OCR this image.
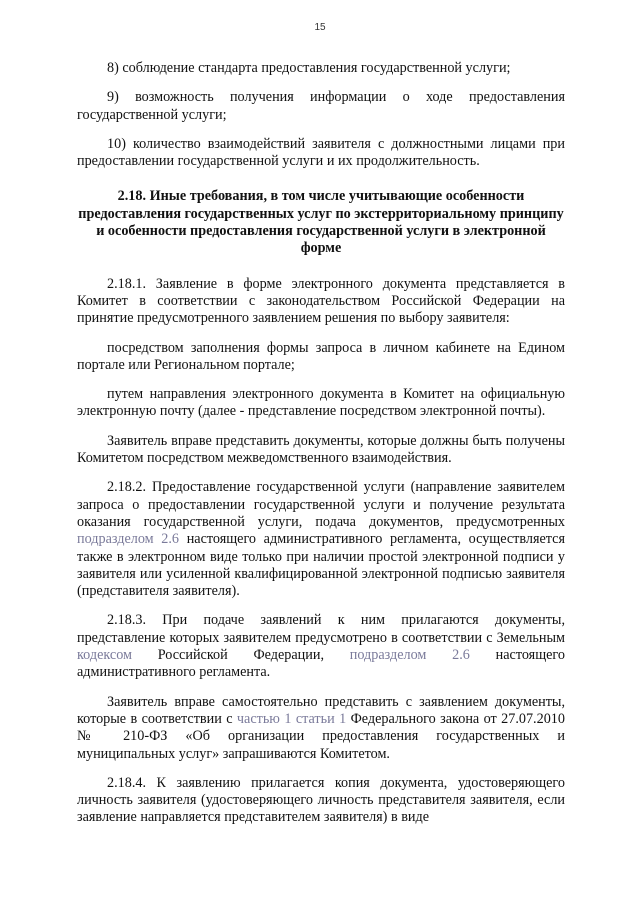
15

8) соблюдение стандарта предоставления государственной услуги;

9) возможность получения информации о ходе предоставления государственной услуги;

10) количество взаимодействий заявителя с должностными лицами при предоставлении государственной услуги и их продолжительность.

2.18. Иные требования, в том числе учитывающие особенности предоставления государственных услуг по экстерриториальному принципу и особенности предоставления государственной услуги в электронной форме

2.18.1. Заявление в форме электронного документа представляется в Комитет в соответствии с законодательством Российской Федерации на принятие предусмотренного заявлением решения по выбору заявителя:

посредством заполнения формы запроса в личном кабинете на Едином портале или Региональном портале;

путем направления электронного документа в Комитет на официальную электронную почту (далее - представление посредством электронной почты).

Заявитель вправе представить документы, которые должны быть получены Комитетом посредством межведомственного взаимодействия.

2.18.2. Предоставление государственной услуги (направление заявителем запроса о предоставлении государственной услуги и получение результата оказания государственной услуги, подача документов, предусмотренных подразделом 2.6 настоящего административного регламента, осуществляется также в электронном виде только при наличии простой электронной подписи у заявителя или усиленной квалифицированной электронной подписью заявителя (представителя заявителя).

2.18.3. При подаче заявлений к ним прилагаются документы, представление которых заявителем предусмотрено в соответствии с Земельным кодексом Российской Федерации, подразделом 2.6 настоящего административного регламента.

Заявитель вправе самостоятельно представить с заявлением документы, которые в соответствии с частью 1 статьи 1 Федерального закона от 27.07.2010 № 210-ФЗ «Об организации предоставления государственных и муниципальных услуг» запрашиваются Комитетом.

2.18.4. К заявлению прилагается копия документа, удостоверяющего личность заявителя (удостоверяющего личность представителя заявителя, если заявление направляется представителем заявителя) в виде
